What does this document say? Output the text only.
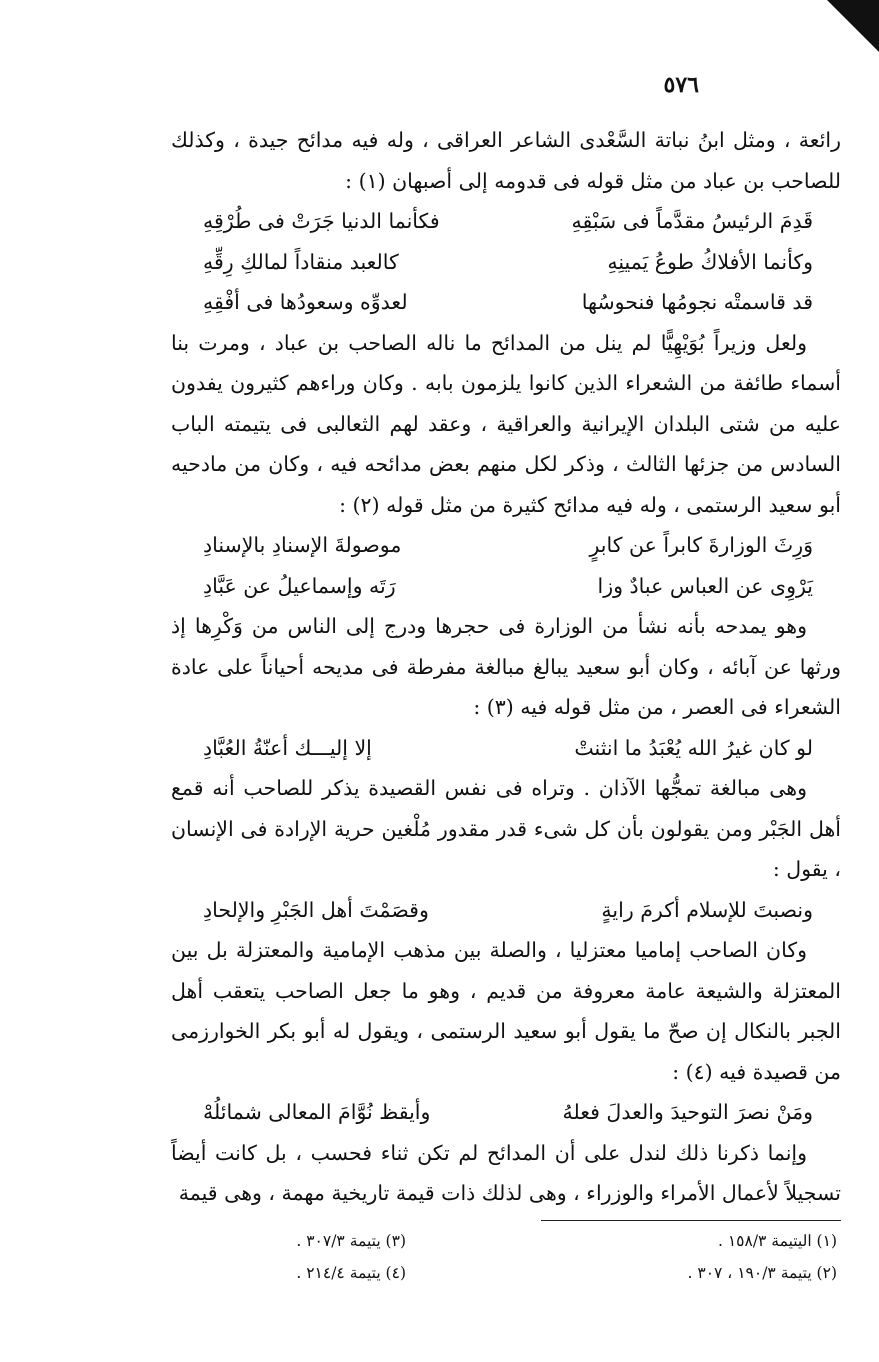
٥٧٦

رائعة ، ومثل ابنُ نباتة السَّعْدى الشاعر العراقى ، وله فيه مدائح جيدة ، وكذلك للصاحب بن عباد من مثل قوله فى قدومه إلى أصبهان (١) :

قَدِمَ الرئيسُ مقدَّماً فى سَبْقِهِ
فكأنما الدنيا جَرَتْ فى طُرْقِهِ
وكأنما الأفلاكُ طوعُ يَمينِهِ
كالعبد منقاداً لمالكِ رِقِّهِ
قد قاسمتْه نجومُها فنحوسُها
لعدوِّه وسعودُها فى أفْقِهِ

ولعل وزيراً بُوَيْهِيًّا لم ينل من المدائح ما ناله الصاحب بن عباد ، ومرت بنا أسماء طائفة من الشعراء الذين كانوا يلزمون بابه . وكان وراءهم كثيرون يفدون عليه من شتى البلدان الإيرانية والعراقية ، وعقد لهم الثعالبى فى يتيمته الباب السادس من جزئها الثالث ، وذكر لكل منهم بعض مدائحه فيه ، وكان من مادحيه أبو سعيد الرستمى ، وله فيه مدائح كثيرة من مثل قوله (٢) :

وَرِثَ الوزارةَ كابراً عن كابرٍ
موصولةَ الإسنادِ بالإسنادِ
يَرْوِى عن العباس عبادٌ وزا
رَتَه وإسماعيلُ عن عَبَّادِ

وهو يمدحه بأنه نشأ من الوزارة فى حجرها ودرج إلى الناس من وَكْرِها إذ ورثها عن آبائه ، وكان أبو سعيد يبالغ مبالغة مفرطة فى مديحه أحياناً على عادة الشعراء فى العصر ، من مثل قوله فيه (٣) :

لو كان غيرُ الله يُعْبَدُ ما انثنتْ
إلا إليـــك أعنّةُ العُبَّادِ

وهى مبالغة تمجُّها الآذان . وتراه فى نفس القصيدة يذكر للصاحب أنه قمع أهل الجَبْر ومن يقولون بأن كل شىء قدر مقدور مُلْغين حرية الإرادة فى الإنسان ، يقول :

ونصبتَ للإسلام أكرمَ رايةٍ
وقصَمْتَ أهل الجَبْرِ والإلحادِ

وكان الصاحب إماميا معتزليا ، والصلة بين مذهب الإمامية والمعتزلة بل بين المعتزلة والشيعة عامة معروفة من قديم ، وهو ما جعل الصاحب يتعقب أهل الجبر بالنكال إن صحّ ما يقول أبو سعيد الرستمى ، ويقول له أبو بكر الخوارزمى من قصيدة فيه (٤) :

ومَنْ نصرَ التوحيدَ والعدلَ فعلهُ
وأيقظ نُوَّامَ المعالى شمائلُهْ

وإنما ذكرنا ذلك لندل على أن المدائح لم تكن ثناء فحسب ، بل كانت أيضاً تسجيلاً لأعمال الأمراء والوزراء ، وهى لذلك ذات قيمة تاريخية مهمة ، وهى قيمة

(١) اليتيمة ١٥٨/٣ .
(٣) يتيمة ٣٠٧/٣ .
(٢) يتيمة ١٩٠/٣ ، ٣٠٧ .
(٤) يتيمة ٢١٤/٤ .
